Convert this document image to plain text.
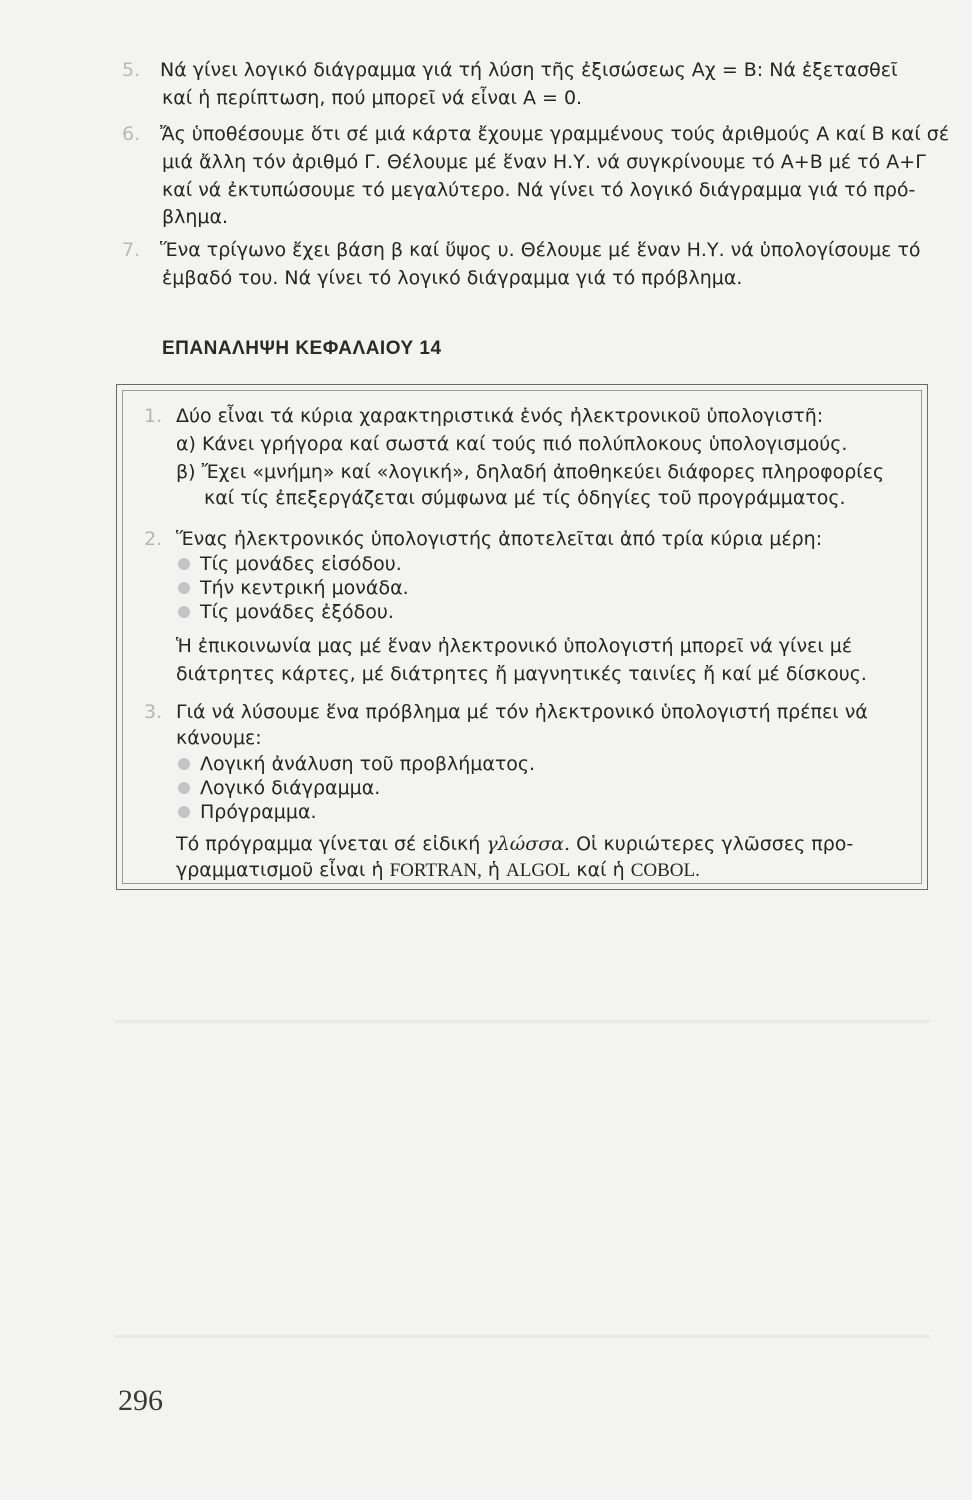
5. Νά γίνει λογικό διάγραμμα γιά τή λύση τῆς ἐξισώσεως Αχ = Β: Νά ἐξετασθεῖ

καί ἡ περίπτωση, πού μπορεῖ νά εἶναι Α = 0.

6. Ἄς ὑποθέσουμε ὅτι σέ μιά κάρτα ἔχουμε γραμμένους τούς ἀριθμούς Α καί Β καί σέ

μιά ἄλλη τόν ἀριθμό Γ. Θέλουμε μέ ἕναν Η.Υ. νά συγκρίνουμε τό Α+Β μέ τό Α+Γ

καί νά ἐκτυπώσουμε τό μεγαλύτερο. Νά γίνει τό λογικό διάγραμμα γιά τό πρό-

βλημα.

7. Ἕνα τρίγωνο ἔχει βάση β καί ὕψος υ. Θέλουμε μέ ἕναν Η.Υ. νά ὑπολογίσουμε τό

ἐμβαδό του. Νά γίνει τό λογικό διάγραμμα γιά τό πρόβλημα.

ΕΠΑΝΑΛΗΨΗ ΚΕΦΑΛΑΙΟΥ 14
1. Δύο εἶναι τά κύρια χαρακτηριστικά ἑνός ἠλεκτρονικοῦ ὑπολογιστῆ:

α) Κάνει γρήγορα καί σωστά καί τούς πιό πολύπλοκους ὑπολογισμούς.

β) Ἔχει «μνήμη» καί «λογική», δηλαδή ἀποθηκεύει διάφορες πληροφορίες

καί τίς ἐπεξεργάζεται σύμφωνα μέ τίς ὁδηγίες τοῦ προγράμματος.

2. Ἕνας ἠλεκτρονικός ὑπολογιστής ἀποτελεῖται ἀπό τρία κύρια μέρη:

Τίς μονάδες εἰσόδου.

Τήν κεντρική μονάδα.

Τίς μονάδες ἐξόδου.

Ἡ ἐπικοινωνία μας μέ ἕναν ἠλεκτρονικό ὑπολογιστή μπορεῖ νά γίνει μέ

διάτρητες κάρτες, μέ διάτρητες ἤ μαγνητικές ταινίες ἤ καί μέ δίσκους.

3. Γιά νά λύσουμε ἕνα πρόβλημα μέ τόν ἠλεκτρονικό ὑπολογιστή πρέπει νά

κάνουμε:

Λογική ἀνάλυση τοῦ προβλήματος.

Λογικό διάγραμμα.

Πρόγραμμα.

Τό πρόγραμμα γίνεται σέ εἰδική γλώσσα. Οἱ κυριώτερες γλῶσσες προ-

γραμματισμοῦ εἶναι ἡ FORTRAN, ἡ ALGOL καί ἡ COBOL.

296
